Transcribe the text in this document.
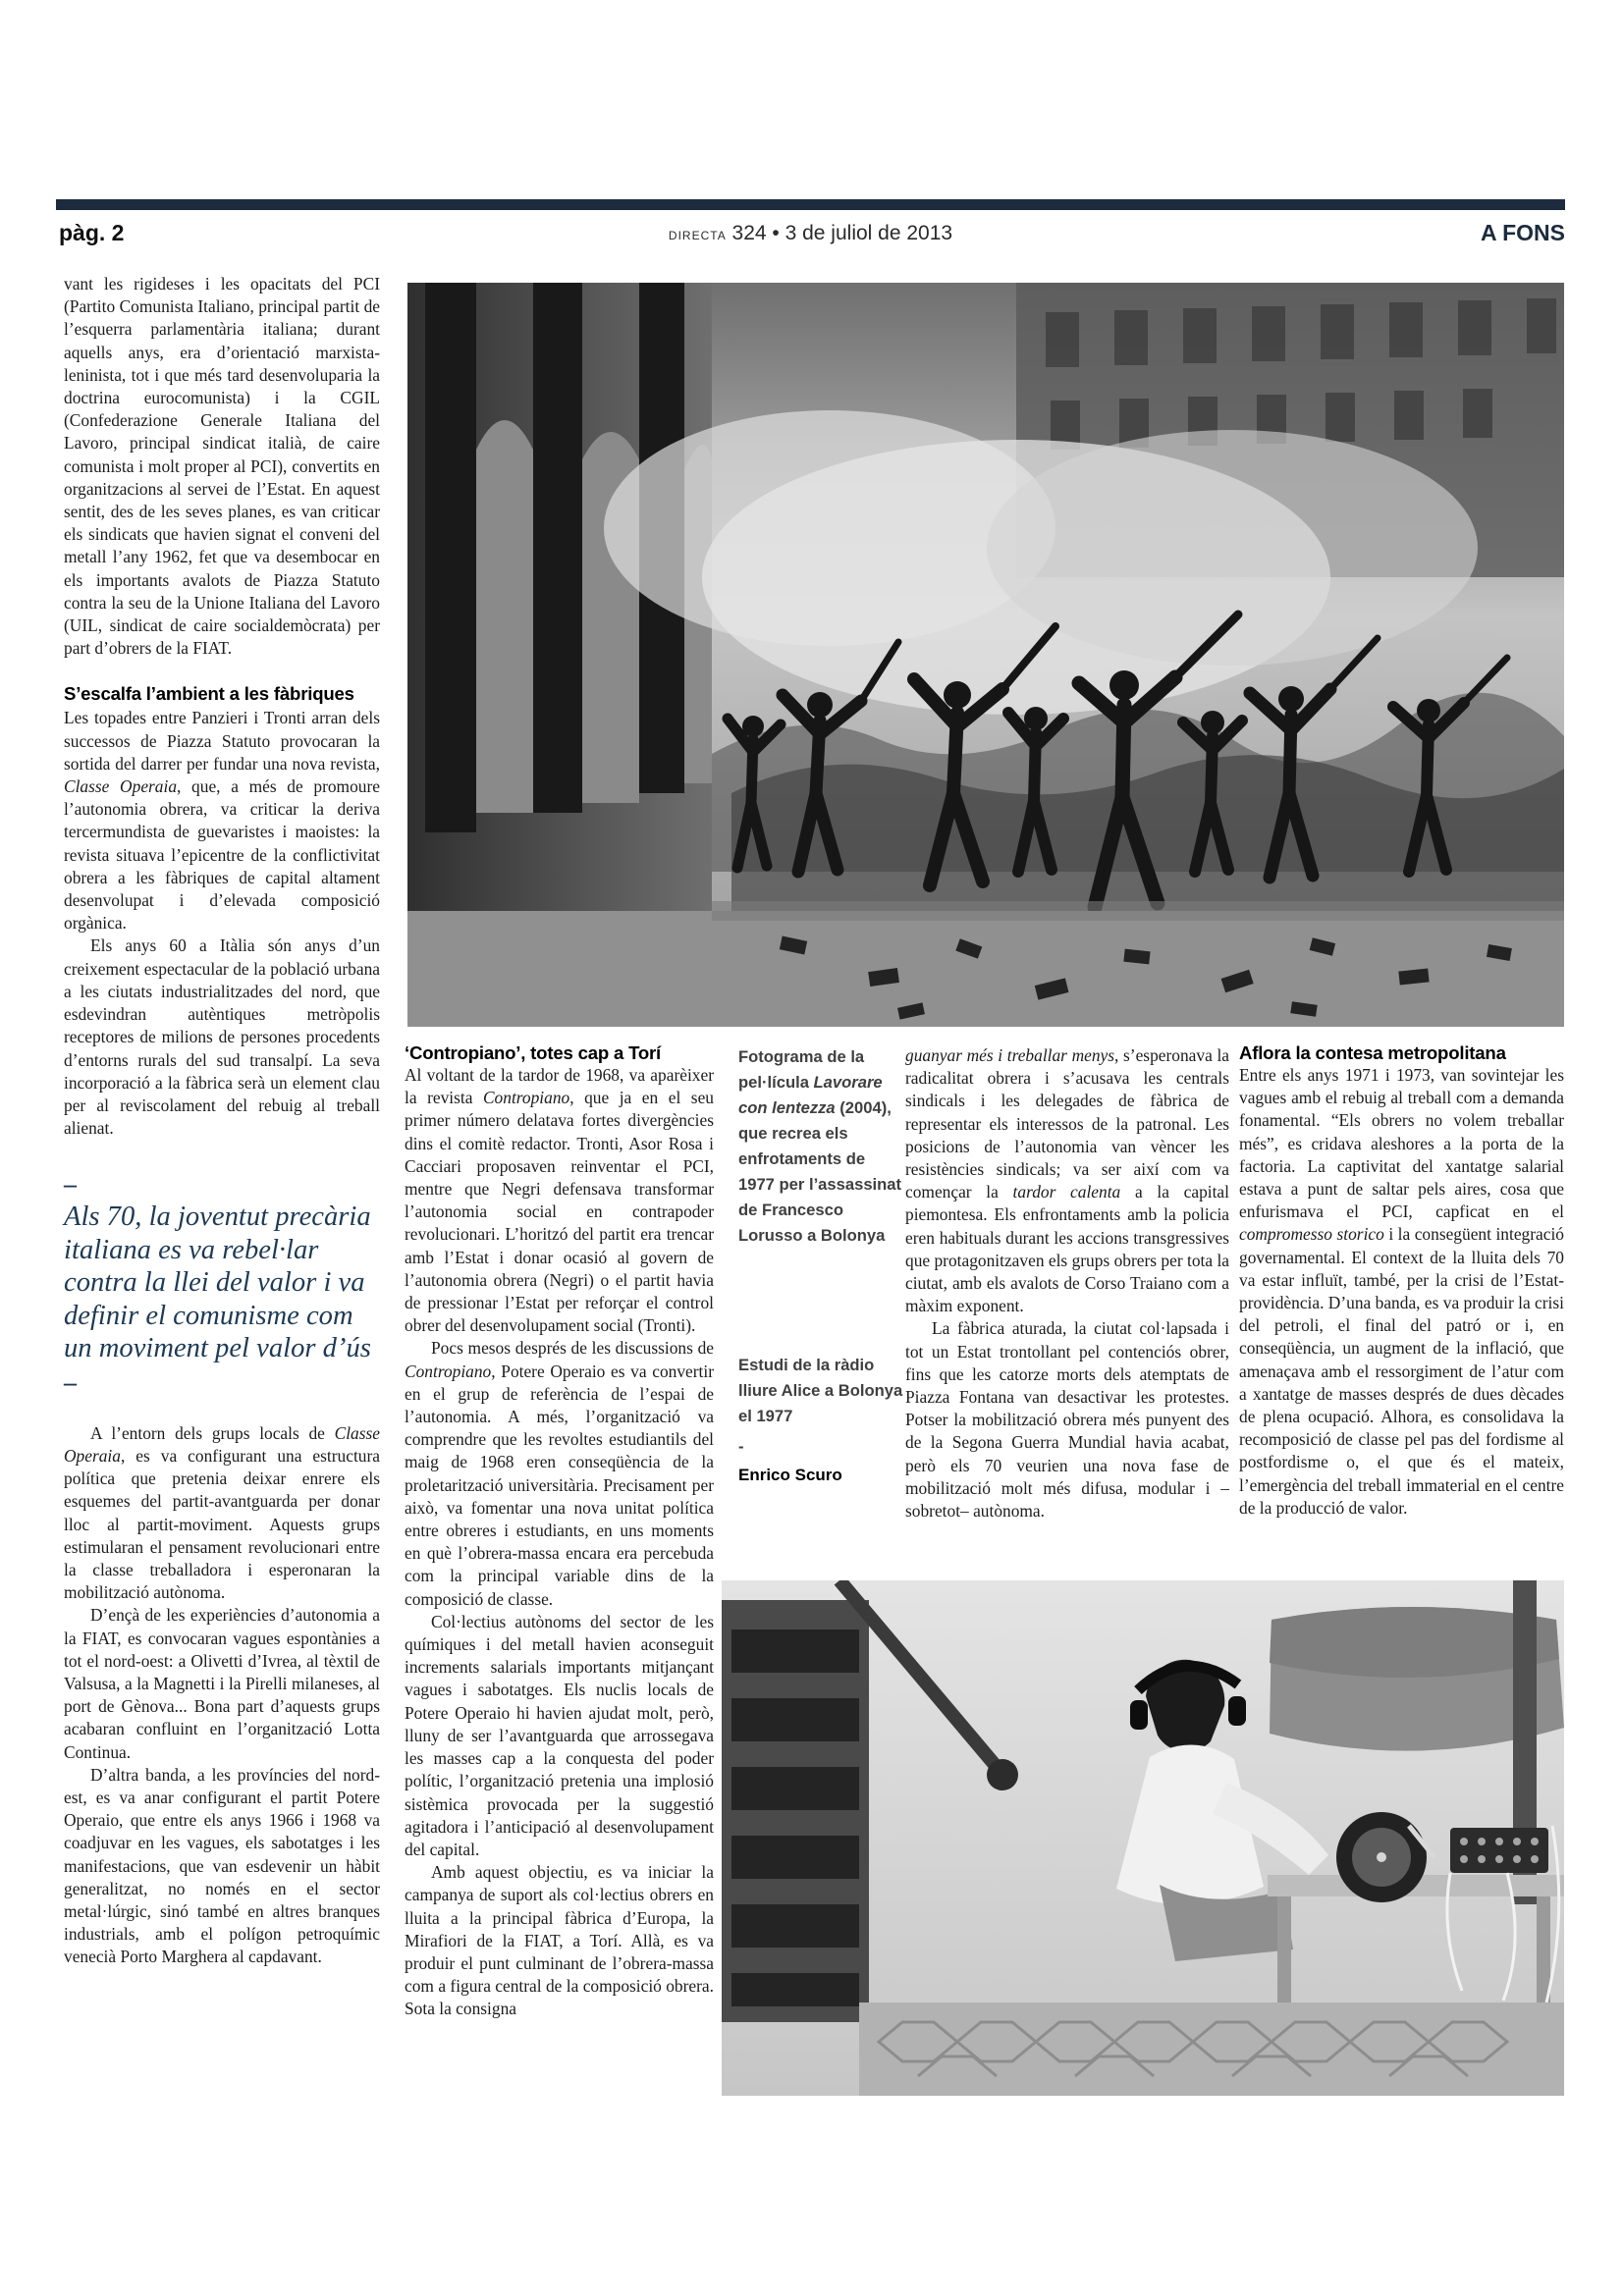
pàg. 2	directa 324 • 3 de juliol de 2013	A FONS

vant les rigideses i les opacitats del PCI (Partito Comunista Italiano, principal partit de l’esquerra parlamentària italiana; durant aquells anys, era d’orientació marxista-leninista, tot i que més tard desenvoluparia la doctrina eurocomunista) i la CGIL (Confederazione Generale Italiana del Lavoro, principal sindicat italià, de caire comunista i molt proper al PCI), convertits en organitzacions al servei de l’Estat. En aquest sentit, des de les seves planes, es van criticar els sindicats que havien signat el conveni del metall l’any 1962, fet que va desembocar en els importants avalots de Piazza Statuto contra la seu de la Unione Italiana del Lavoro (UIL, sindicat de caire socialdemòcrata) per part d’obrers de la FIAT.

S’escalfa l’ambient a les fàbriques

Les topades entre Panzieri i Tronti arran dels successos de Piazza Statuto provocaran la sortida del darrer per fundar una nova revista, Classe Operaia, que, a més de promoure l’autonomia obrera, va criticar la deriva tercermundista de guevaristes i maoistes: la revista situava l’epicentre de la conflictivitat obrera a les fàbriques de capital altament desenvolupat i d’elevada composició orgànica.

Els anys 60 a Itàlia són anys d’un creixement espectacular de la població urbana a les ciutats industrialitzades del nord, que esdevindran autèntiques metròpolis receptores de milions de persones procedents d’entorns rurals del sud transalpí. La seva incorporació a la fàbrica serà un element clau per al reviscolament del rebuig al treball alienat.

–
Als 70, la joventut precària italiana es va rebel·lar contra la llei del valor i va definir el comunisme com un moviment pel valor d’ús
–

A l’entorn dels grups locals de Classe Operaia, es va configurant una estructura política que pretenia deixar enrere els esquemes del partit-avantguarda per donar lloc al partit-moviment. Aquests grups estimularan el pensament revolucionari entre la classe treballadora i esperonaran la mobilització autònoma.

D’ençà de les experiències d’autonomia a la FIAT, es convocaran vagues espontànies a tot el nord-oest: a Olivetti d’Ivrea, al tèxtil de Valsusa, a la Magnetti i la Pirelli milaneses, al port de Gènova... Bona part d’aquests grups acabaran confluint en l’organització Lotta Continua.

D’altra banda, a les províncies del nord-est, es va anar configurant el partit Potere Operaio, que entre els anys 1966 i 1968 va coadjuvar en les vagues, els sabotatges i les manifestacions, que van esdevenir un hàbit generalitzat, no només en el sector metal·lúrgic, sinó també en altres branques industrials, amb el polígon petroquímic venecià Porto Marghera al capdavant.

‘Contropiano’, totes cap a Torí

Al voltant de la tardor de 1968, va aparèixer la revista Contropiano, que ja en el seu primer número delatava fortes divergències dins el comitè redactor. Tronti, Asor Rosa i Cacciari proposaven reinventar el PCI, mentre que Negri defensava transformar l’autonomia social en contrapoder revolucionari. L’horitzó del partit era trencar amb l’Estat i donar ocasió al govern de l’autonomia obrera (Negri) o el partit havia de pressionar l’Estat per reforçar el control obrer del desenvolupament social (Tronti).

Pocs mesos després de les discussions de Contropiano, Potere Operaio es va convertir en el grup de referència de l’espai de l’autonomia. A més, l’organització va comprendre que les revoltes estudiantils del maig de 1968 eren conseqüència de la proletarització universitària. Precisament per això, va fomentar una nova unitat política entre obreres i estudiants, en uns moments en què l’obrera-massa encara era percebuda com la principal variable dins de la composició de classe.

Col·lectius autònoms del sector de les químiques i del metall havien aconseguit increments salarials importants mitjançant vagues i sabotatges. Els nuclis locals de Potere Operaio hi havien ajudat molt, però, lluny de ser l’avantguarda que arrossegava les masses cap a la conquesta del poder polític, l’organització pretenia una implosió sistèmica provocada per la suggestió agitadora i l’anticipació al desenvolupament del capital.

Amb aquest objectiu, es va iniciar la campanya de suport als col·lectius obrers en lluita a la principal fàbrica d’Europa, la Mirafiori de la FIAT, a Torí. Allà, es va produir el punt culminant de l’obrera-massa com a figura central de la composició obrera. Sota la consigna

Fotograma de la pel·lícula Lavorare con lentezza (2004), que recrea els enfrotaments de 1977 per l’assassinat de Francesco Lorusso a Bolonya
Estudi de la ràdio lliure Alice a Bolonya el 1977
-
Enrico Scuro

guanyar més i treballar menys, s’esperonava la radicalitat obrera i s’acusava les centrals sindicals i les delegades de fàbrica de representar els interessos de la patronal. Les posicions de l’autonomia van vèncer les resistències sindicals; va ser així com va començar la tardor calenta a la capital piemontesa. Els enfrontaments amb la policia eren habituals durant les accions transgressives que protagonitzaven els grups obrers per tota la ciutat, amb els avalots de Corso Traiano com a màxim exponent.

La fàbrica aturada, la ciutat col·lapsada i tot un Estat trontollant pel contenciós obrer, fins que les catorze morts dels atemptats de Piazza Fontana van desactivar les protestes. Potser la mobilització obrera més punyent des de la Segona Guerra Mundial havia acabat, però els 70 veurien una nova fase de mobilització molt més difusa, modular i –sobretot– autònoma.

Aflora la contesa metropolitana

Entre els anys 1971 i 1973, van sovintejar les vagues amb el rebuig al treball com a demanda fonamental. “Els obrers no volem treballar més”, es cridava aleshores a la porta de la factoria. La captivitat del xantatge salarial estava a punt de saltar pels aires, cosa que enfurismava el PCI, capficat en el compromesso storico i la consegüent integració governamental. El context de la lluita dels 70 va estar influït, també, per la crisi de l’Estat-providència. D’una banda, es va produir la crisi del petroli, el final del patró or i, en conseqüència, un augment de la inflació, que amenaçava amb el ressorgiment de l’atur com a xantatge de masses després de dues dècades de plena ocupació. Alhora, es consolidava la recomposició de classe pel pas del fordisme al postfordisme o, el que és el mateix, l’emergència del treball immaterial en el centre de la producció de valor.
